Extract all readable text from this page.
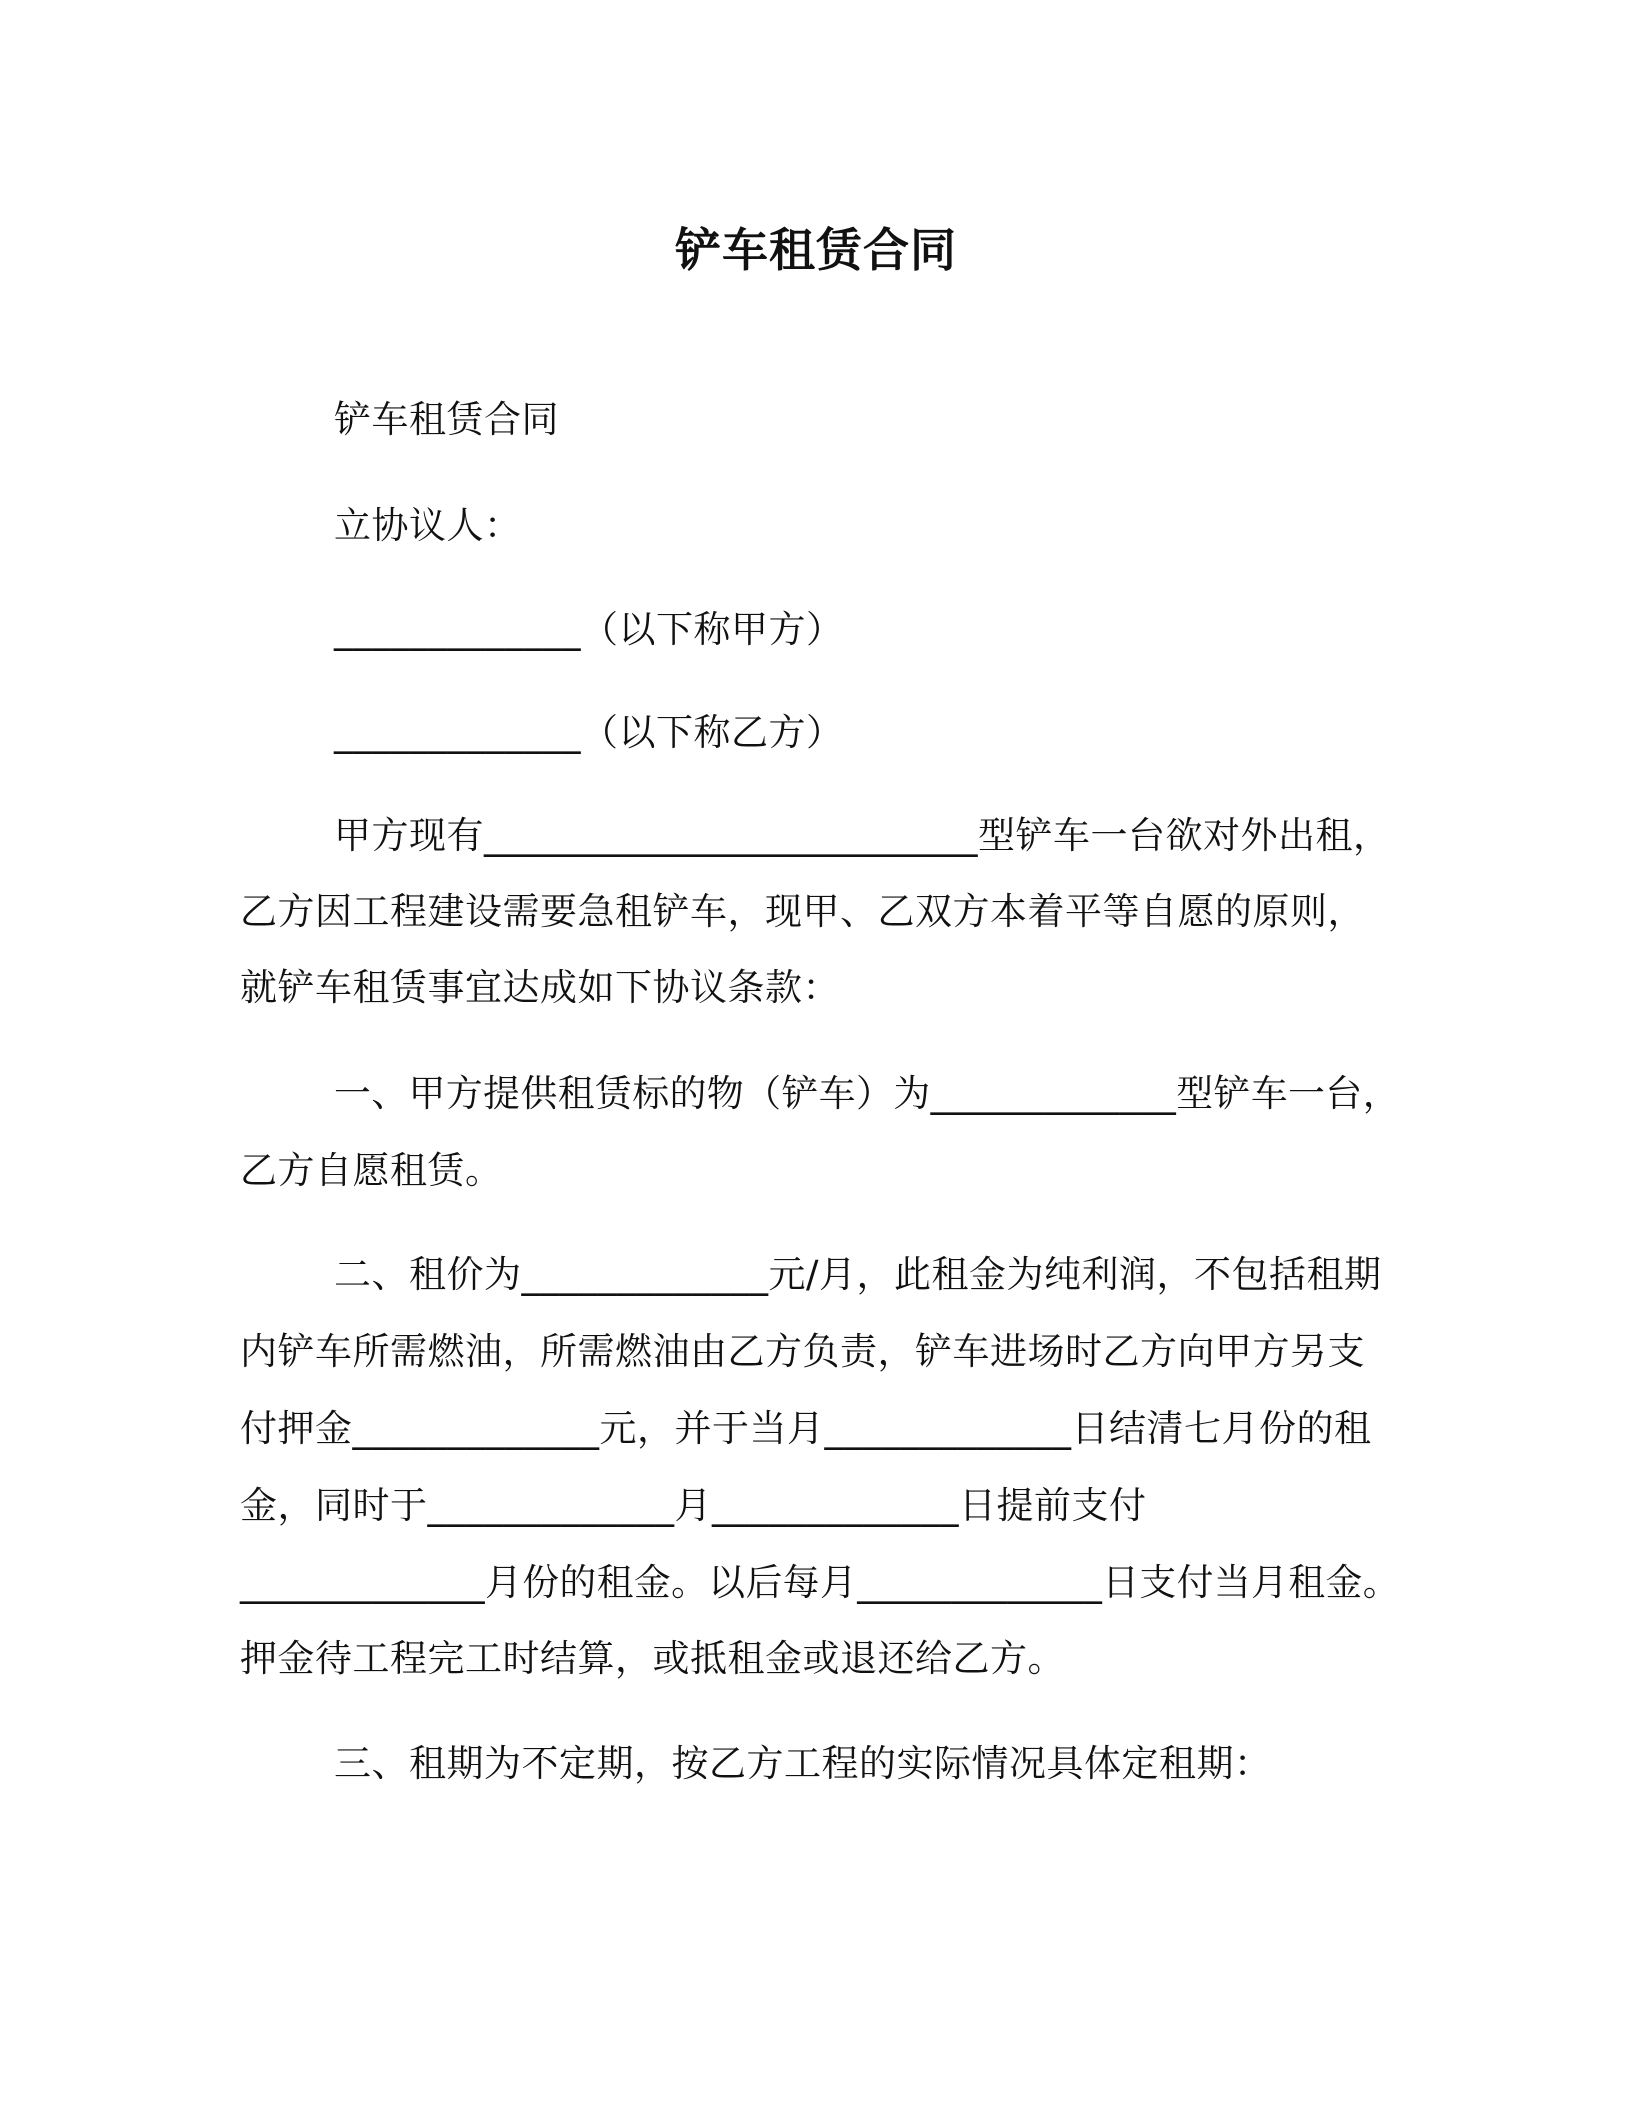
铲车租赁合同
铲车租赁合同
立协议人：
_____________（以下称甲方）
_____________（以下称乙方）
甲方现有__________________________型铲车一台欲对外出租，
乙方因工程建设需要急租铲车，现甲、乙双方本着平等自愿的原则，
就铲车租赁事宜达成如下协议条款：
一、甲方提供租赁标的物（铲车）为_____________型铲车一台，
乙方自愿租赁。
二、租价为_____________元/月，此租金为纯利润，不包括租期
内铲车所需燃油，所需燃油由乙方负责，铲车进场时乙方向甲方另支
付押金_____________元，并于当月_____________日结清七月份的租
金，同时于_____________月_____________日提前支付
_____________月份的租金。以后每月_____________日支付当月租金。
押金待工程完工时结算，或抵租金或退还给乙方。
三、租期为不定期，按乙方工程的实际情况具体定租期：
